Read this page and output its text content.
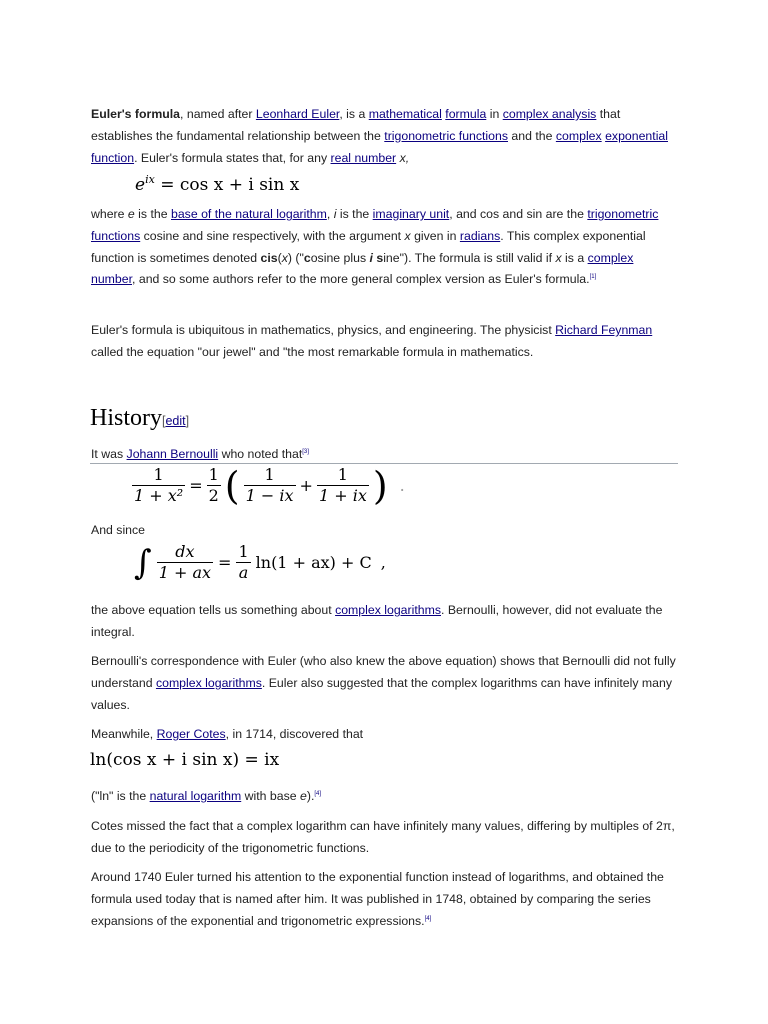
Euler's formula, named after Leonhard Euler, is a mathematical formula in complex analysis that establishes the fundamental relationship between the trigonometric functions and the complex exponential function. Euler's formula states that, for any real number x,

$e^{ix} = \cos x + i$ sin x

where e is the base of the natural logarithm, i is the imaginary unit, and cos and sin are the trigonometric functions cosine and sine respectively, with the argument x given in radians. This complex exponential function is sometimes denoted cis(x) ("cosine plus i sine"). The formula is still valid if x is a complex number, and so some authors refer to the more general complex version as Euler's formula.[1]

Euler's formula is ubiquitous in mathematics, physics, and engineering. The physicist Richard Feynman called the equation "our jewel" and "the most remarkable formula in mathematics.

History[edit]

It was Johann Bernoulli who noted that[3]

$\frac{1}{\text{1 + x²}} = \frac{1}{2}$ ( $\frac{1}{1 - ix} + \frac{1}{1 + ix}$ ) .

And since

∫ $\frac{dx}{1 + ax} = \frac{1}{a} \ln(1 + ax) + C$ ,

the above equation tells us something about complex logarithms. Bernoulli, however, did not evaluate the integral.

Bernoulli's correspondence with Euler (who also knew the above equation) shows that Bernoulli did not fully understand complex logarithms. Euler also suggested that the complex logarithms can have infinitely many values.

Meanwhile, Roger Cotes, in 1714, discovered that

ln(cos x + i sin x) = ix

("ln" is the natural logarithm with base e).[4]

Cotes missed the fact that a complex logarithm can have infinitely many values, differing by multiples of 2π, due to the periodicity of the trigonometric functions.

Around 1740 Euler turned his attention to the exponential function instead of logarithms, and obtained the formula used today that is named after him. It was published in 1748, obtained by comparing the series expansions of the exponential and trigonometric expressions.[4]
